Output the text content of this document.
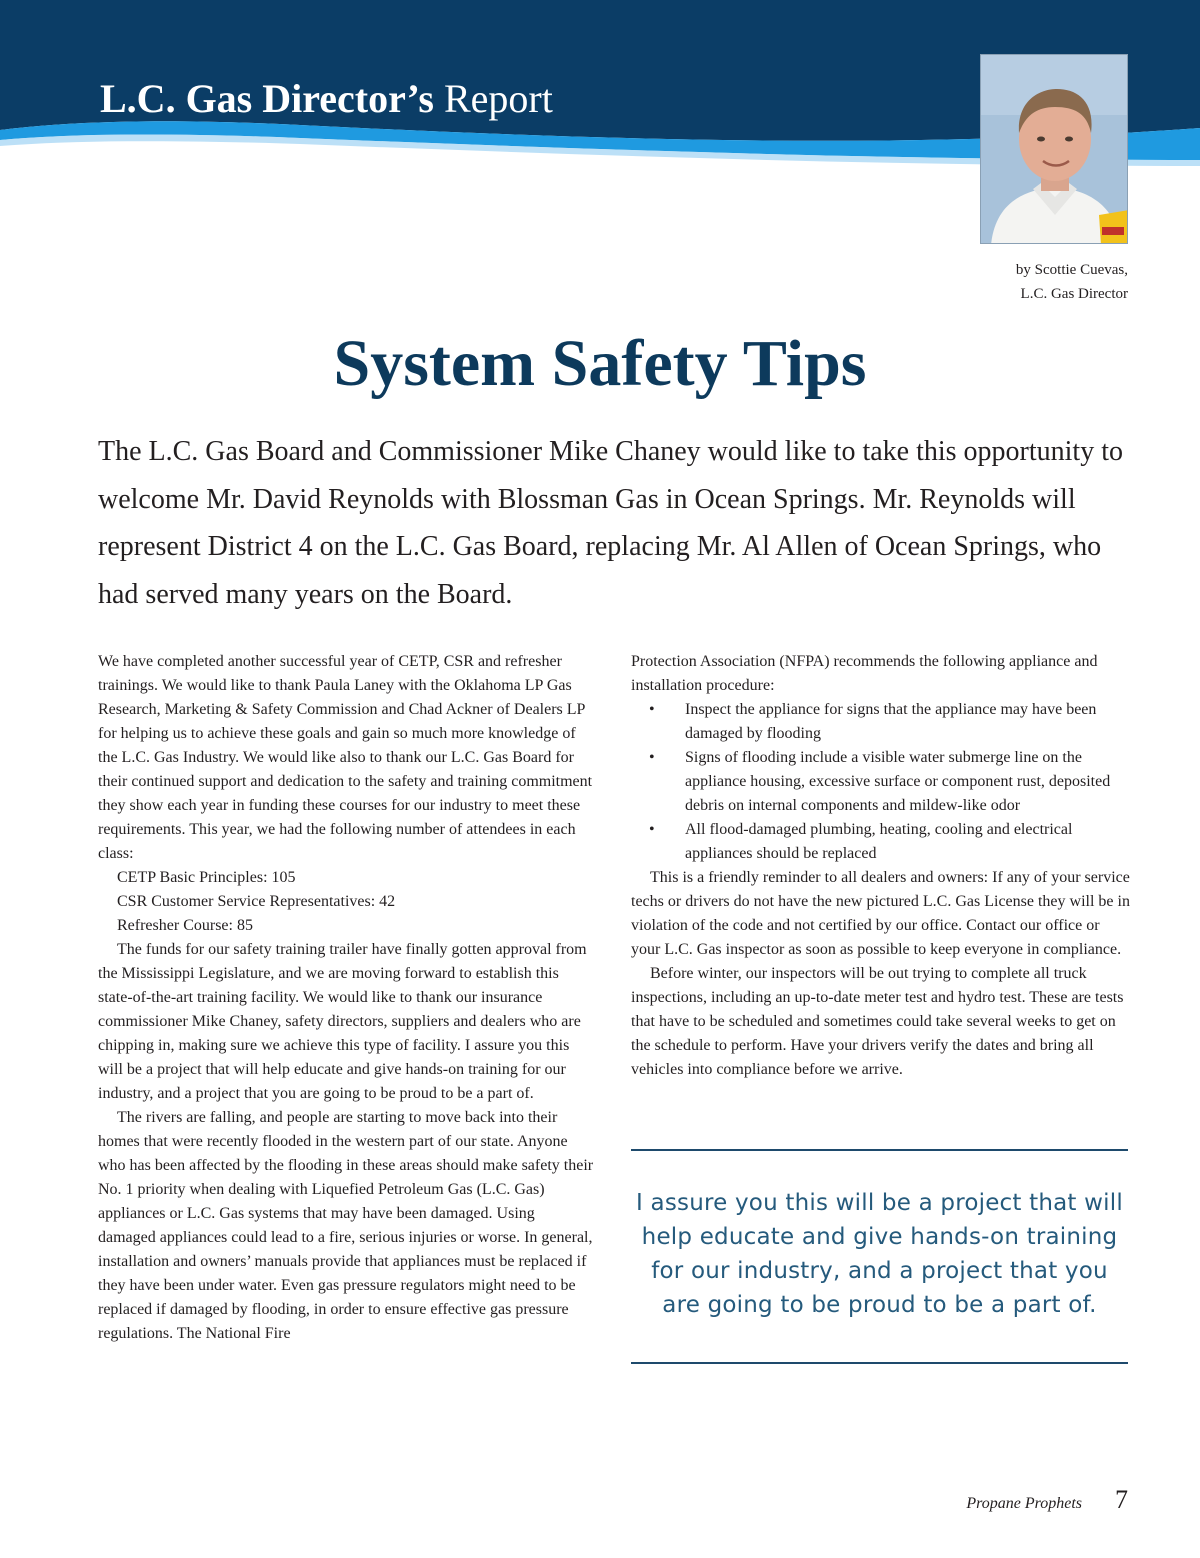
L.C. Gas Director’s Report
by Scottie Cuevas,
L.C. Gas Director
System Safety Tips

The L.C. Gas Board and Commissioner Mike Chaney would like to take this opportunity to welcome Mr. David Reynolds with Blossman Gas in Ocean Springs. Mr. Reynolds will represent District 4 on the L.C. Gas Board, replacing Mr. Al Allen of Ocean Springs, who had served many years on the Board.

We have completed another successful year of CETP, CSR and refresher trainings. We would like to thank Paula Laney with the Oklahoma LP Gas Research, Marketing & Safety Commission and Chad Ackner of Dealers LP for helping us to achieve these goals and gain so much more knowledge of the L.C. Gas Industry. We would like also to thank our L.C. Gas Board for their continued support and dedication to the safety and training commitment they show each year in funding these courses for our industry to meet these requirements. This year, we had the following number of attendees in each class:

CETP Basic Principles: 105

CSR Customer Service Representatives: 42

Refresher Course: 85

The funds for our safety training trailer have finally gotten approval from the Mississippi Legislature, and we are moving forward to establish this state-of-the-art training facility. We would like to thank our insurance commissioner Mike Chaney, safety directors, suppliers and dealers who are chipping in, making sure we achieve this type of facility. I assure you this will be a project that will help educate and give hands-on training for our industry, and a project that you are going to be proud to be a part of.

The rivers are falling, and people are starting to move back into their homes that were recently flooded in the western part of our state. Anyone who has been affected by the flooding in these areas should make safety their No. 1 priority when dealing with Liquefied Petroleum Gas (L.C. Gas) appliances or L.C. Gas systems that may have been damaged. Using damaged appliances could lead to a fire, serious injuries or worse. In general, installation and owners’ manuals provide that appliances must be replaced if they have been under water. Even gas pressure regulators might need to be replaced if damaged by flooding, in order to ensure effective gas pressure regulations. The National Fire

Protection Association (NFPA) recommends the following appliance and installation procedure:

• Inspect the appliance for signs that the appliance may have been damaged by flooding
• Signs of flooding include a visible water submerge line on the appliance housing, excessive surface or component rust, deposited debris on internal components and mildew-like odor
• All flood-damaged plumbing, heating, cooling and electrical appliances should be replaced

This is a friendly reminder to all dealers and owners: If any of your service techs or drivers do not have the new pictured L.C. Gas License they will be in violation of the code and not certified by our office. Contact our office or your L.C. Gas inspector as soon as possible to keep everyone in compliance.

Before winter, our inspectors will be out trying to complete all truck inspections, including an up-to-date meter test and hydro test. These are tests that have to be scheduled and sometimes could take several weeks to get on the schedule to perform. Have your drivers verify the dates and bring all vehicles into compliance before we arrive.

I assure you this will be a project that will help educate and give hands-on training for our industry, and a project that you are going to be proud to be a part of.

Propane Prophets 7
